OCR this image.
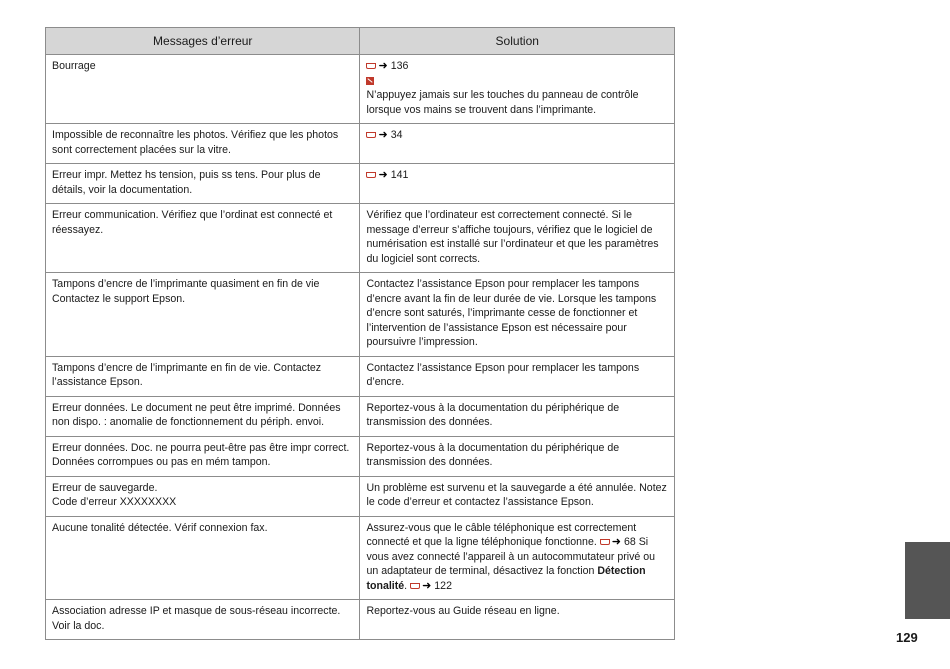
Messages d’erreur	Solution
Bourrage	➜ 136
N’appuyez jamais sur les touches du panneau de contrôle lorsque vos mains se trouvent dans l’imprimante.

Impossible de reconnaître les photos. Vérifiez que les photos sont correctement placées sur la vitre.	➜ 34

Erreur impr. Mettez hs tension, puis ss tens. Pour plus de détails, voir la documentation.	➜ 141

Erreur communication. Vérifiez que l’ordinat est connecté et réessayez.	Vérifiez que l’ordinateur est correctement connecté. Si le message d’erreur s’affiche toujours, vérifiez que le logiciel de numérisation est installé sur l’ordinateur et que les paramètres du logiciel sont corrects.
Tampons d’encre de l’imprimante quasiment en fin de vie Contactez le support Epson.	Contactez l’assistance Epson pour remplacer les tampons d’encre avant la fin de leur durée de vie. Lorsque les tampons d’encre sont saturés, l’imprimante cesse de fonctionner et l’intervention de l’assistance Epson est nécessaire pour poursuivre l’impression.
Tampons d’encre de l’imprimante en fin de vie. Contactez l’assistance Epson.	Contactez l’assistance Epson pour remplacer les tampons d’encre.
Erreur données. Le document ne peut être imprimé. Données non dispo. : anomalie de fonctionnement du périph. envoi.	Reportez-vous à la documentation du périphérique de transmission des données.
Erreur données. Doc. ne pourra peut-être pas être impr correct. Données corrompues ou pas en mém tampon.	Reportez-vous à la documentation du périphérique de transmission des données.

Erreur de sauvegarde.
Code d’erreur XXXXXXXX	Un problème est survenu et la sauvegarde a été annulée. Notez le code d’erreur et contactez l’assistance Epson.
Aucune tonalité détectée. Vérif connexion fax.	Assurez-vous que le câble téléphonique est correctement connecté et que la ligne téléphonique fonctionne. ➜ 68 Si vous avez connecté l’appareil à un autocommutateur privé ou un adaptateur de terminal, désactivez la fonction Détection tonalité. ➜ 122
Association adresse IP et masque de sous-réseau incorrecte. Voir la doc.	Reportez-vous au Guide réseau en ligne.
129
